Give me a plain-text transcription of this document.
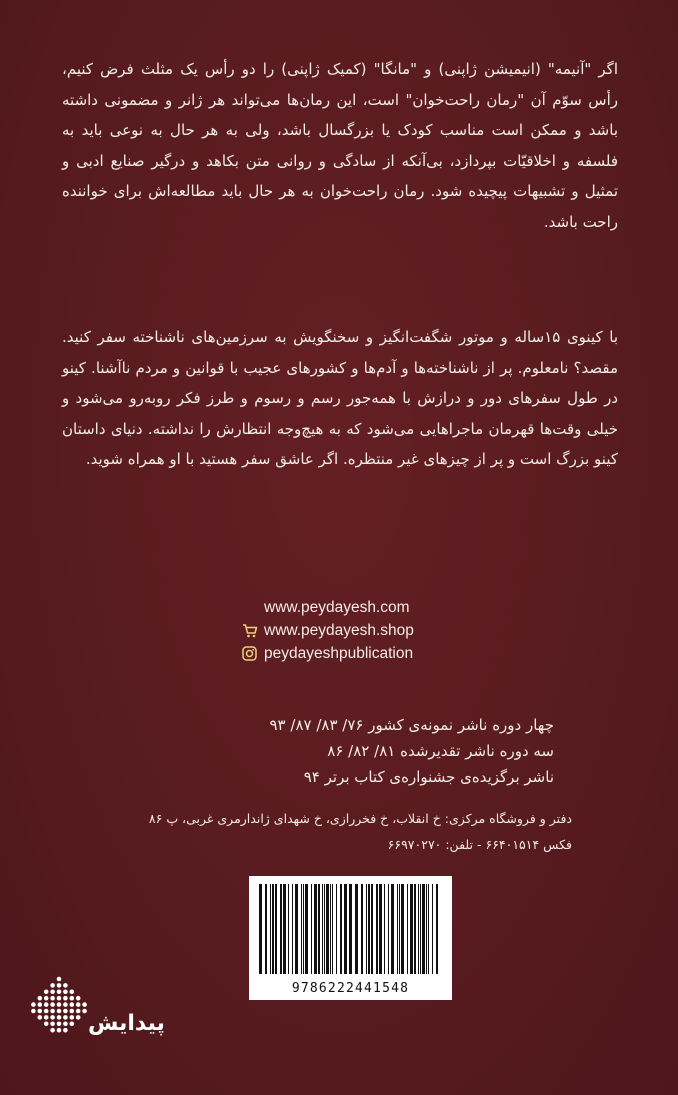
اگر "آنیمه" (انیمیشن ژاپنی) و "مانگا" (کمیک ژاپنی) را دو رأس یک مثلث فرض کنیم، رأس سوّم آن "رمان راحت‌خوان" است، این رمان‌ها می‌تواند هر ژانر و مضمونی داشته باشد و ممکن است مناسب کودک یا بزرگسال باشد، ولی به هر حال به نوعی باید به فلسفه و اخلاقیّات بپردازد، بی‌آنکه از سادگی و روانی متن بکاهد و درگیر صنایع ادبی و تمثیل و تشبیهات پیچیده شود. رمان راحت‌خوان به هر حال باید مطالعه‌اش برای خواننده راحت باشد.

با کینوی ۱۵ساله و موتور شگفت‌انگیز و سخنگویش به سرزمین‌های ناشناخته سفر کنید. مقصد؟ نامعلوم. پر از ناشناخته‌ها و آدم‌ها و کشورهای عجیب با قوانین و مردم ناآشنا. کینو در طول سفرهای دور و درازش با همه‌جور رسم و رسوم و طرز فکر روبه‌رو می‌شود و خیلی وقت‌ها قهرمان ماجراهایی می‌شود که به هیچ‌وجه انتظارش را نداشته. دنیای داستان کینو بزرگ است و پر از چیزهای غیر منتظره. اگر عاشق سفر هستید با او همراه شوید.

www.peydayesh.com
www.peydayesh.shop
peydayeshpublication
چهار دوره ناشر نمونه‌ی کشور ۷۶/ ۸۳/ ۸۷/ ۹۳
سه دوره ناشر تقدیرشده ۸۱/ ۸۲/ ۸۶
ناشر برگزیده‌ی جشنواره‌ی کتاب برتر ۹۴
دفتر و فروشگاه مرکزی: خ انقلاب، خ فخررازی، خ شهدای ژاندارمری غربی، پ ۸۶
فکس ۶۶۴۰۱۵۱۴ - تلفن: ۶۶۹۷۰۲۷۰
9786222441548
پیدایش
